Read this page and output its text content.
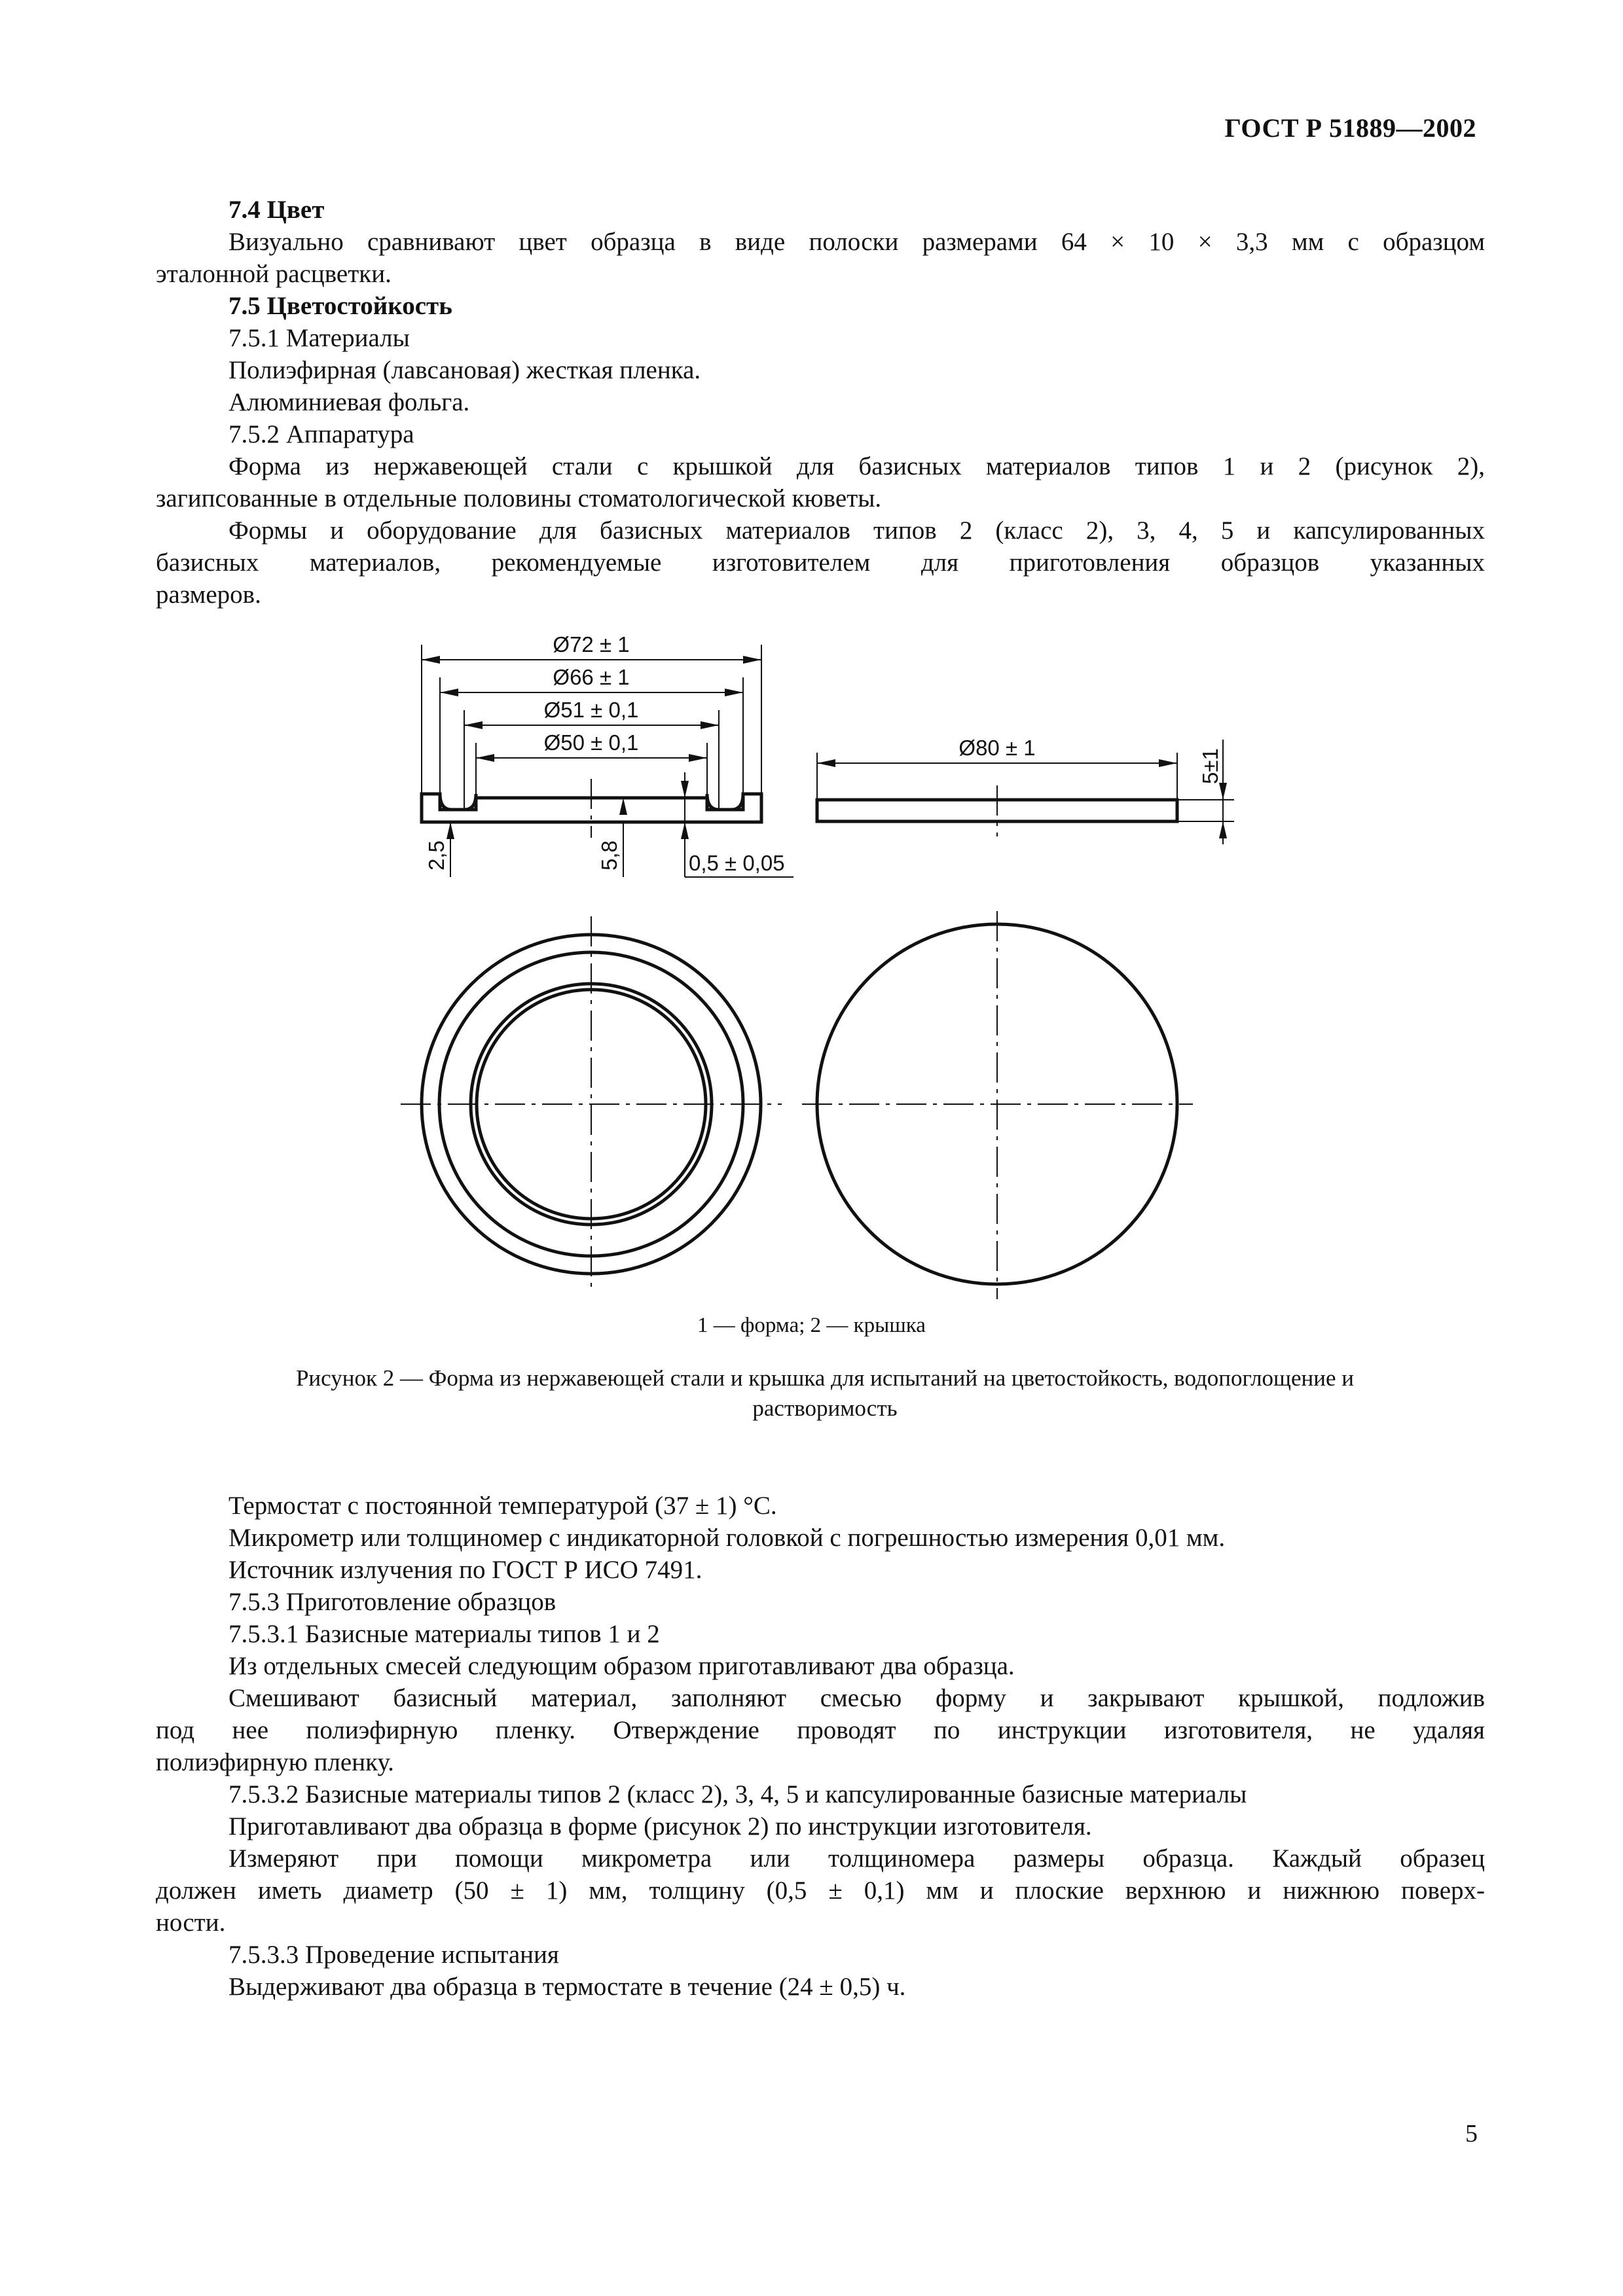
ГОСТ Р 51889—2002

7.4 Цвет

Визуально сравнивают цвет образца в виде полоски размерами 64 × 10 × 3,3 мм с образцом

эталонной расцветки.

7.5 Цветостойкость

7.5.1 Материалы

Полиэфирная (лавсановая) жесткая пленка.

Алюминиевая фольга.

7.5.2 Аппаратура

Форма из нержавеющей стали с крышкой для базисных материалов типов 1 и 2 (рисунок 2),

загипсованные в отдельные половины стоматологической кюветы.

Формы и оборудование для базисных материалов типов 2 (класс 2), 3, 4, 5 и капсулированных

базисных материалов, рекомендуемые изготовителем для приготовления образцов указанных

размеров.

Ø72 ± 1
Ø66 ± 1
Ø51 ± 0,1
Ø50 ± 0,1
2,5	5,8	0,5 ± 0,05
Ø80 ± 1
5±1
1 — форма; 2 — крышка
Рисунок 2 — Форма из нержавеющей стали и крышка для испытаний на цветостойкость, водопоглощение и
растворимость

Термостат с постоянной температурой (37 ± 1) °С.

Микрометр или толщиномер с индикаторной головкой с погрешностью измерения 0,01 мм.

Источник излучения по ГОСТ Р ИСО 7491.

7.5.3 Приготовление образцов

7.5.3.1 Базисные материалы типов 1 и 2

Из отдельных смесей следующим образом приготавливают два образца.

Смешивают базисный материал, заполняют смесью форму и закрывают крышкой, подложив

под нее полиэфирную пленку. Отверждение проводят по инструкции изготовителя, не удаляя

полиэфирную пленку.

7.5.3.2 Базисные материалы типов 2 (класс 2), 3, 4, 5 и капсулированные базисные материалы

Приготавливают два образца в форме (рисунок 2) по инструкции изготовителя.

Измеряют при помощи микрометра или толщиномера размеры образца. Каждый образец

должен иметь диаметр (50 ± 1) мм, толщину (0,5 ± 0,1) мм и плоские верхнюю и нижнюю поверх-

ности.

7.5.3.3 Проведение испытания

Выдерживают два образца в термостате в течение (24 ± 0,5) ч.

5
